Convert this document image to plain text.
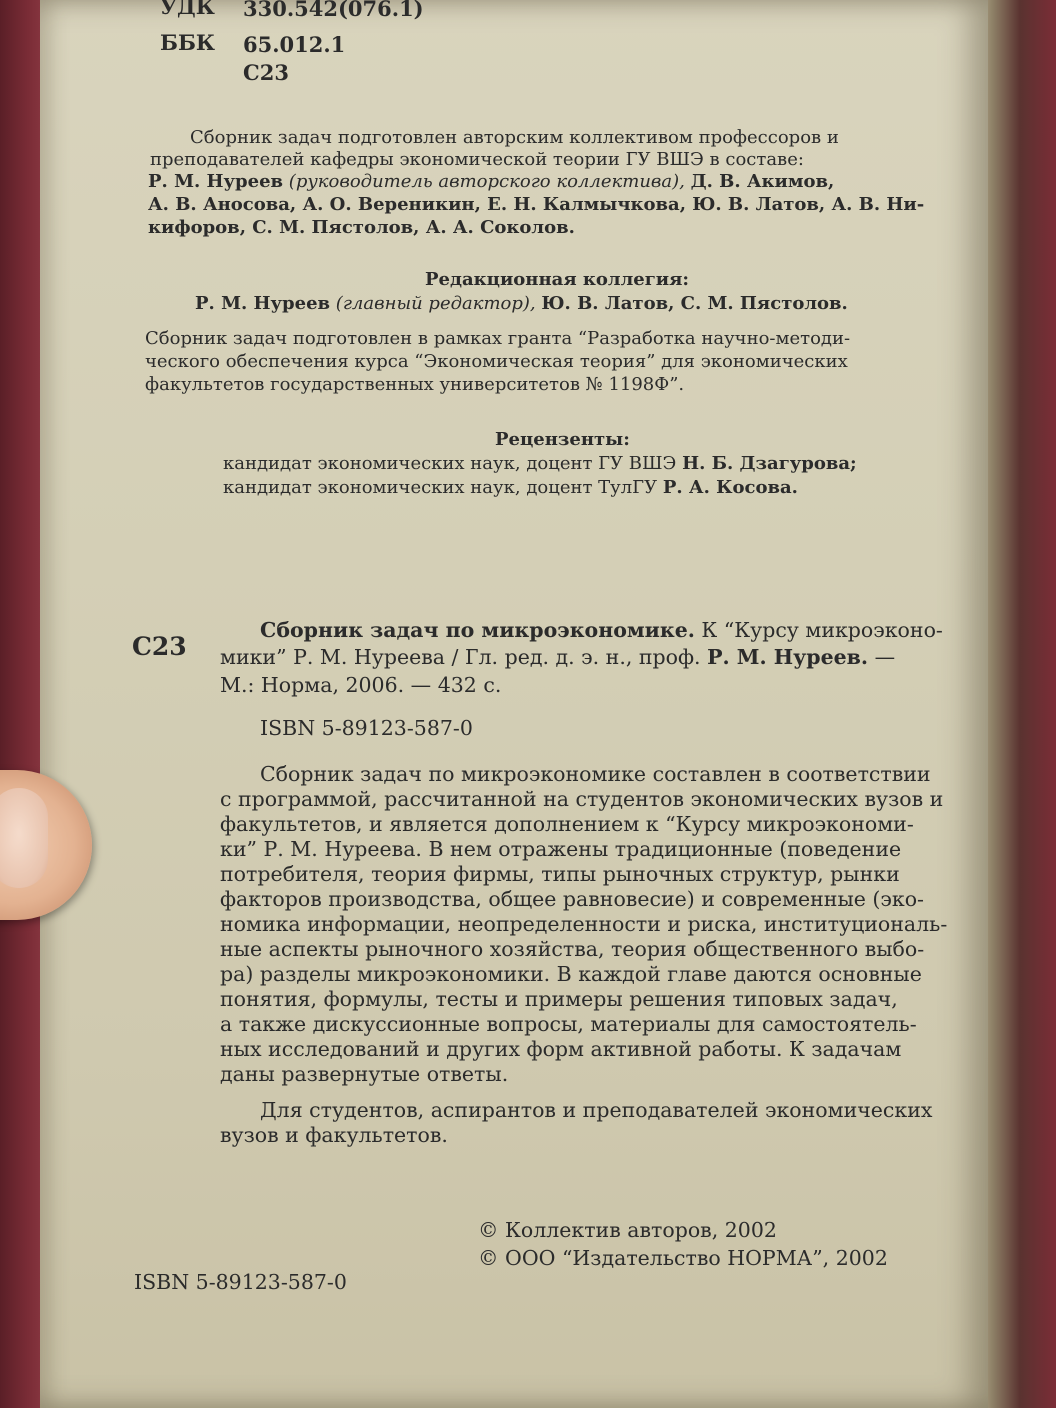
УДК 330.542(076.1)
ББК 65.012.1
С23
Сборник задач подготовлен авторским коллективом профессоров и
преподавателей кафедры экономической теории ГУ ВШЭ в составе:
Р. М. Нуреев (руководитель авторского коллектива), Д. В. Акимов,
А. В. Аносова, А. О. Вереникин, Е. Н. Калмычкова, Ю. В. Латов, А. В. Ни-
кифоров, С. М. Пястолов, А. А. Соколов.
Редакционная коллегия:
Р. М. Нуреев (главный редактор), Ю. В. Латов, С. М. Пястолов.
Сборник задач подготовлен в рамках гранта “Разработка научно-методи-
ческого обеспечения курса “Экономическая теория” для экономических
факультетов государственных университетов № 1198Ф”.
Рецензенты:
кандидат экономических наук, доцент ГУ ВШЭ Н. Б. Дзагурова;
кандидат экономических наук, доцент ТулГУ Р. А. Косова.
С23
Сборник задач по микроэкономике. К “Курсу микроэконо-
мики” Р. М. Нуреева / Гл. ред. д. э. н., проф. Р. М. Нуреев. —
М.: Норма, 2006. — 432 с.
ISBN 5-89123-587-0
Сборник задач по микроэкономике составлен в соответствии
с программой, рассчитанной на студентов экономических вузов и
факультетов, и является дополнением к “Курсу микроэкономи-
ки” Р. М. Нуреева. В нем отражены традиционные (поведение
потребителя, теория фирмы, типы рыночных структур, рынки
факторов производства, общее равновесие) и современные (эко-
номика информации, неопределенности и риска, институциональ-
ные аспекты рыночного хозяйства, теория общественного выбо-
ра) разделы микроэкономики. В каждой главе даются основные
понятия, формулы, тесты и примеры решения типовых задач,
а также дискуссионные вопросы, материалы для самостоятель-
ных исследований и других форм активной работы. К задачам
даны развернутые ответы.
Для студентов, аспирантов и преподавателей экономических
вузов и факультетов.
© Коллектив авторов, 2002
© ООО “Издательство НОРМА”, 2002
ISBN 5-89123-587-0
